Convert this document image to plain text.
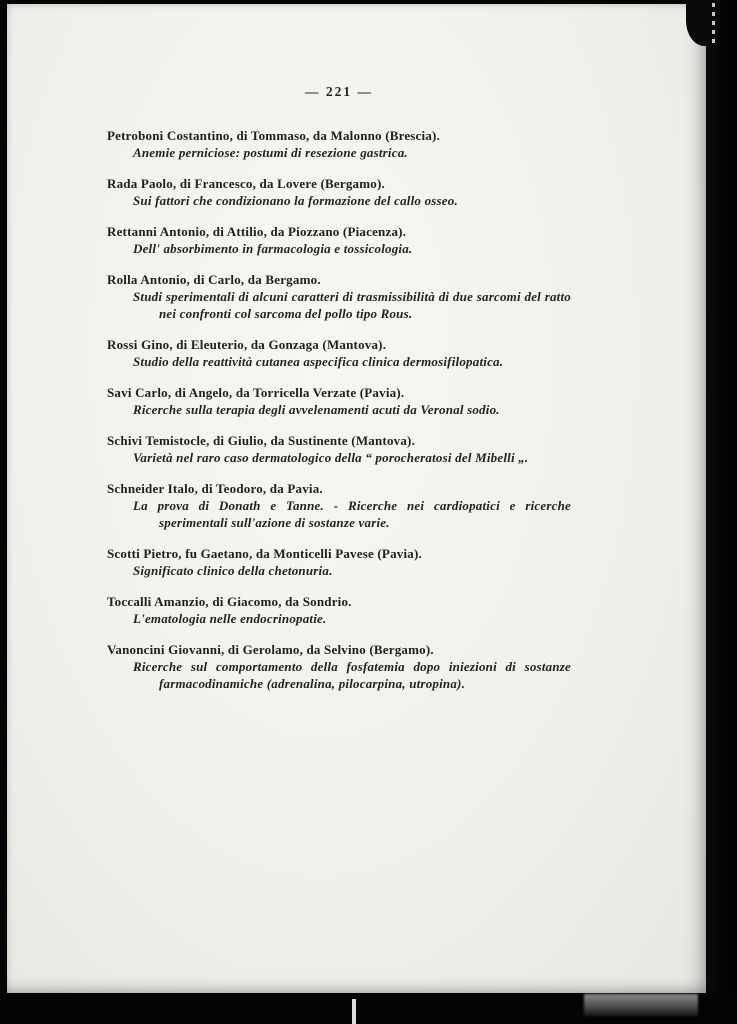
— 221 —
Petroboni Costantino, di Tommaso, da Malonno (Brescia).
Anemie perniciose: postumi di resezione gastrica.
Rada Paolo, di Francesco, da Lovere (Bergamo).
Sui fattori che condizionano la formazione del callo osseo.
Rettanni Antonio, di Attilio, da Piozzano (Piacenza).
Dell' absorbimento in farmacologia e tossicologia.
Rolla Antonio, di Carlo, da Bergamo.
Studi sperimentali di alcuni caratteri di trasmissibilità di due sarcomi del ratto nei confronti col sarcoma del pollo tipo Rous.
Rossi Gino, di Eleuterio, da Gonzaga (Mantova).
Studio della reattività cutanea aspecifica clinica dermosifilopatica.
Savi Carlo, di Angelo, da Torricella Verzate (Pavia).
Ricerche sulla terapia degli avvelenamenti acuti da Veronal sodio.
Schivi Temistocle, di Giulio, da Sustinente (Mantova).
Varietà nel raro caso dermatologico della “ porocheratosi del Mibelli „.
Schneider Italo, di Teodoro, da Pavia.
La prova di Donath e Tanne. - Ricerche nei cardiopatici e ricerche sperimentali sull'azione di sostanze varie.
Scotti Pietro, fu Gaetano, da Monticelli Pavese (Pavia).
Significato clinico della chetonuria.
Toccalli Amanzio, di Giacomo, da Sondrio.
L'ematologia nelle endocrinopatie.
Vanoncini Giovanni, di Gerolamo, da Selvino (Bergamo).
Ricerche sul comportamento della fosfatemia dopo iniezioni di sostanze farmacodinamiche (adrenalina, pilocarpina, utropina).
